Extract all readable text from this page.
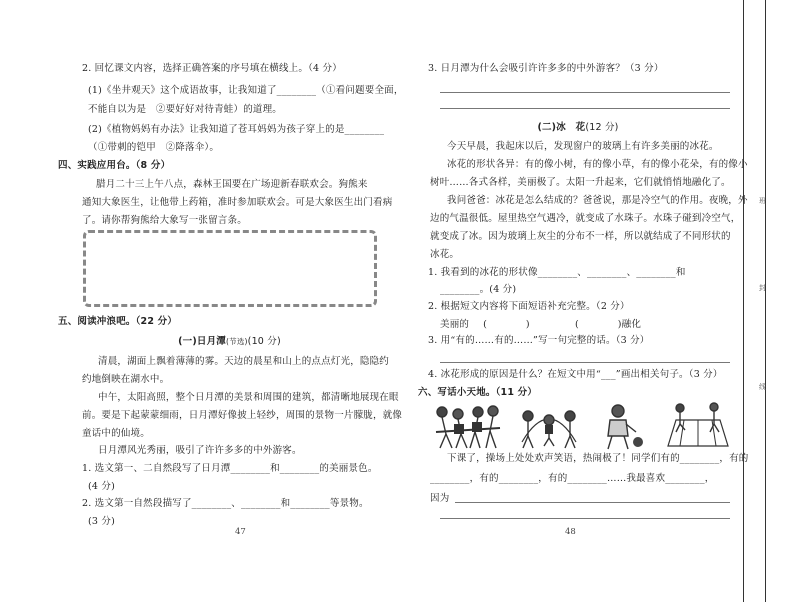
2. 回忆课文内容，选择正确答案的序号填在横线上。（4 分）
(1)《坐井观天》这个成语故事，让我知道了________（①看问题要全面，
不能自以为是　②要好好对待青蛙）的道理。
(2)《植物妈妈有办法》让我知道了苍耳妈妈为孩子穿上的是________
（①带刺的铠甲　②降落伞）。
四、实践应用台。（8 分）
腊月二十三上午八点，森林王国要在广场迎新春联欢会。狗熊来
通知大象医生，让他带上药箱，准时参加联欢会。可是大象医生出门看病
了。请你帮狗熊给大象写一张留言条。
五、阅读冲浪吧。（22 分）
(一)日月潭(节选)(10 分)
清晨，湖面上飘着薄薄的雾。天边的晨星和山上的点点灯光，隐隐约
约地倒映在湖水中。
中午，太阳高照，整个日月潭的美景和周围的建筑，都清晰地展现在眼
前。要是下起蒙蒙细雨，日月潭好像披上轻纱，周围的景物一片朦胧，就像
童话中的仙境。
日月潭风光秀丽，吸引了许许多多的中外游客。
1. 选文第一、二自然段写了日月潭________和________的美丽景色。
(4 分)
2. 选文第一自然段描写了________、________和________等景物。
(3 分)
47
3. 日月潭为什么会吸引许许多多的中外游客？（3 分）
(二)冰　花(12 分)
今天早晨，我起床以后，发现窗户的玻璃上有许多美丽的冰花。
冰花的形状各异：有的像小树，有的像小草，有的像小花朵，有的像小
树叶……各式各样，美丽极了。太阳一升起来，它们就悄悄地融化了。
我问爸爸：冰花是怎么结成的？爸爸说，那是冷空气的作用。夜晚，外
边的气温很低。屋里热空气遇冷，就变成了水珠子。水珠子碰到冷空气，
就变成了冰。因为玻璃上灰尘的分布不一样，所以就结成了不同形状的
冰花。
1. 我看到的冰花的形状像________、________、________和
________。(4 分)
2. 根据短文内容将下面短语补充完整。（2 分）
美丽的 (　　　　)	(　　　　)融化
3. 用“有的……有的……”写一句完整的话。（3 分）
4. 冰花形成的原因是什么？在短文中用“___”画出相关句子。（3 分）
六、写话小天地。（11 分）
下课了，操场上处处欢声笑语，热闹极了！同学们有的________，有的
________，有的________，有的________……我最喜欢________，
因为
48
班
封
线
